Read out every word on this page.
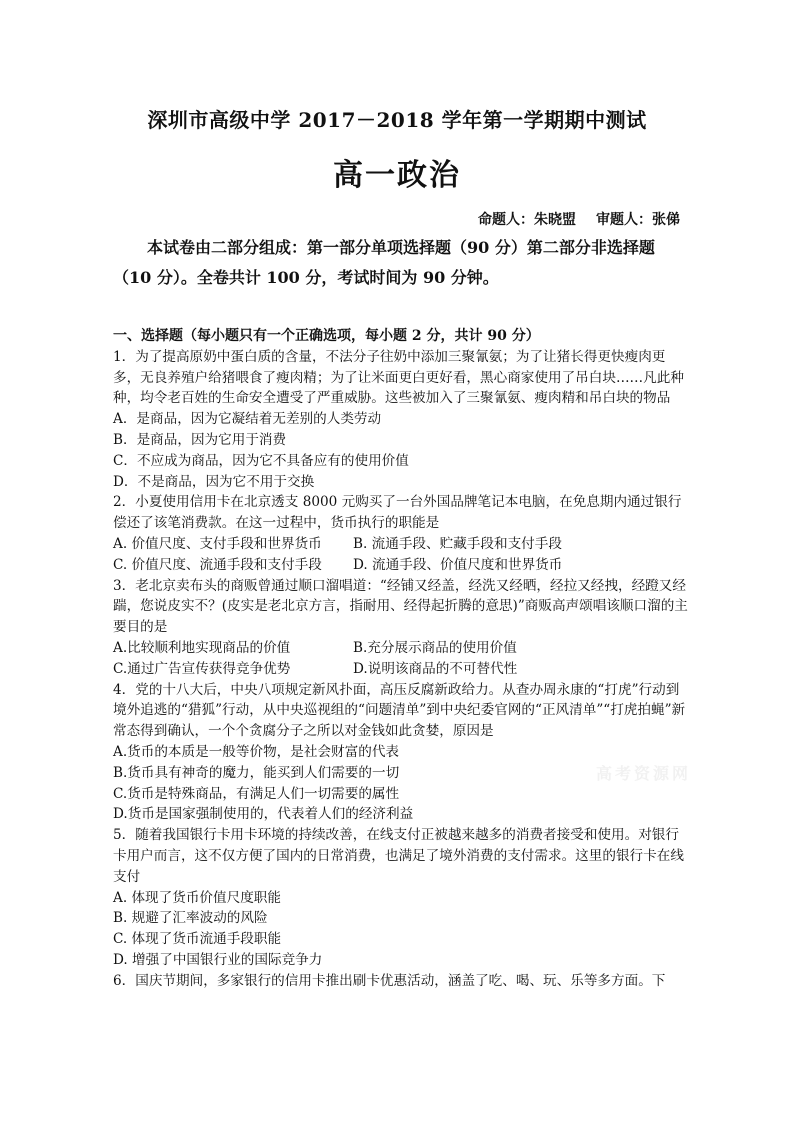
深圳市高级中学 2017－2018 学年第一学期期中测试
高一政治
命题人：朱晓盟 审题人：张俤
本试卷由二部分组成：第一部分单项选择题（90 分）第二部分非选择题（10 分）。全卷共计 100 分，考试时间为 90 分钟。

一、选择题（每小题只有一个正确选项，每小题 2 分，共计 90 分）

1．为了提高原奶中蛋白质的含量，不法分子往奶中添加三聚氰氨；为了让猪长得更快瘦肉更多，无良养殖户给猪喂食了瘦肉精；为了让米面更白更好看，黑心商家使用了吊白块……凡此种种，均令老百姓的生命安全遭受了严重威胁。这些被加入了三聚氰氨、瘦肉精和吊白块的物品

A．是商品，因为它凝结着无差别的人类劳动

B．是商品，因为它用于消费

C．不应成为商品，因为它不具备应有的使用价值

D．不是商品，因为它不用于交换

2．小夏使用信用卡在北京透支 8000 元购买了一台外国品牌笔记本电脑，在免息期内通过银行偿还了该笔消费款。在这一过程中，货币执行的职能是

A. 价值尺度、支付手段和世界货币	B. 流通手段、贮藏手段和支付手段

C. 价值尺度、流通手段和支付手段	D. 流通手段、价值尺度和世界货币

3．老北京卖布头的商贩曾通过顺口溜唱道：“经铺又经盖，经洗又经晒，经拉又经拽，经蹬又经踹，您说皮实不？(皮实是老北京方言，指耐用、经得起折腾的意思)”商贩高声颂唱该顺口溜的主要目的是

A.比较顺利地实现商品的价值	B.充分展示商品的使用价值

C.通过广告宣传获得竞争优势	D.说明该商品的不可替代性

4．党的十八大后，中央八项规定新风扑面，高压反腐新政给力。从查办周永康的“打虎”行动到境外追逃的“猎狐”行动，从中央巡视组的“问题清单”到中央纪委官网的“正风清单”“打虎拍蝇”新常态得到确认，一个个贪腐分子之所以对金钱如此贪婪，原因是

A.货币的本质是一般等价物，是社会财富的代表

B.货币具有神奇的魔力，能买到人们需要的一切

C.货币是特殊商品，有满足人们一切需要的属性

D.货币是国家强制使用的，代表着人们的经济利益

5．随着我国银行卡用卡环境的持续改善，在线支付正被越来越多的消费者接受和使用。对银行卡用户而言，这不仅方便了国内的日常消费，也满足了境外消费的支付需求。这里的银行卡在线支付

A. 体现了货币价值尺度职能

B. 规避了汇率波动的风险

C. 体现了货币流通手段职能

D. 增强了中国银行业的国际竞争力

6．国庆节期间，多家银行的信用卡推出刷卡优惠活动，涵盖了吃、喝、玩、乐等多方面。下

高考资源网
